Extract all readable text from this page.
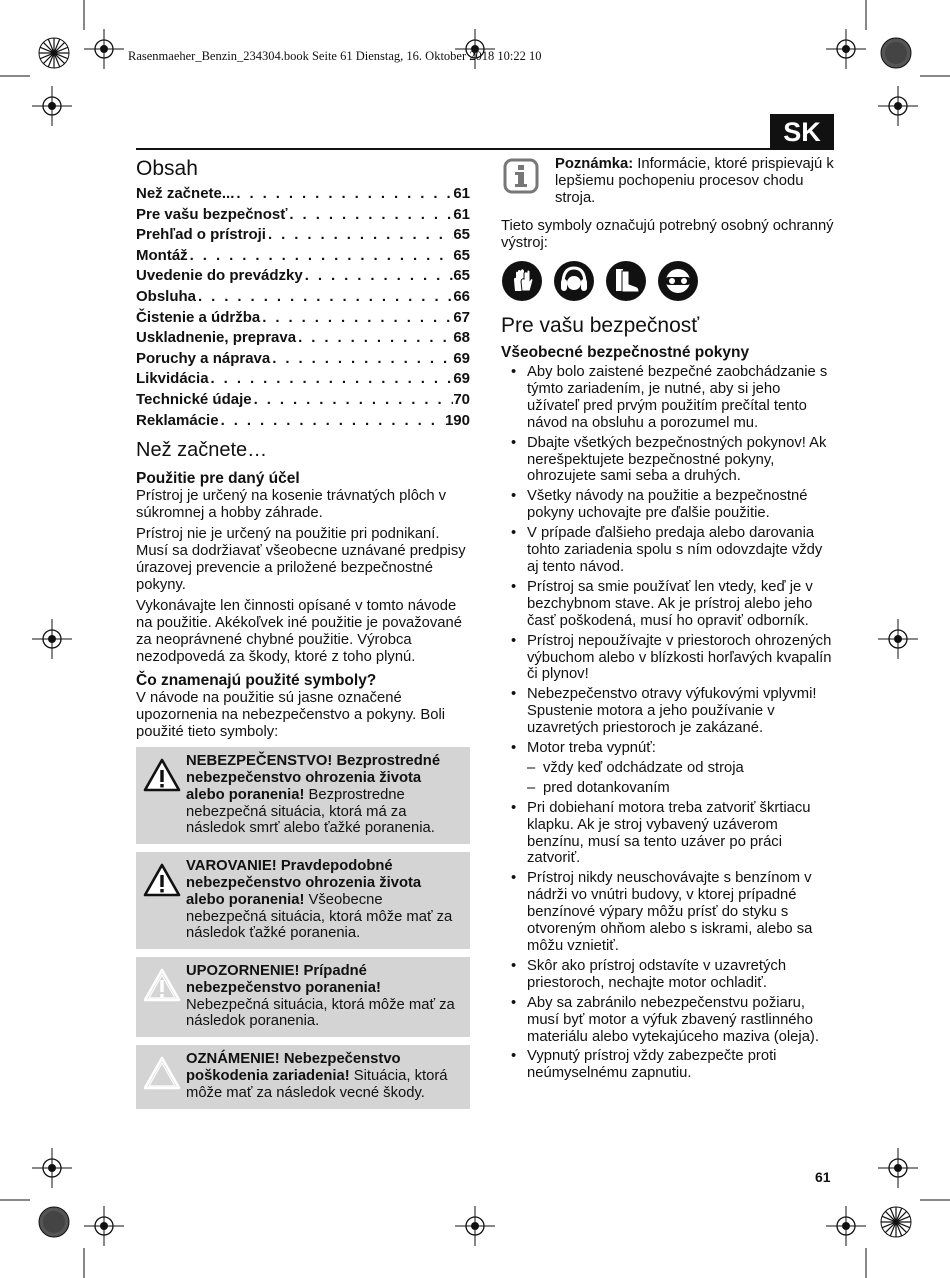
Rasenmaeher_Benzin_234304.book Seite 61 Dienstag, 16. Oktober 2018 10:22 10
SK
Obsah
Než začnete... . . .	61
Pre vašu bezpečnosť . . .	61
Prehľad o prístroji . . .	65
Montáž . . .	65
Uvedenie do prevádzky . . .	65
Obsluha . . .	66
Čistenie a údržba . . .	67
Uskladnenie, preprava . . .	68
Poruchy a náprava . . .	69
Likvidácia . . .	69
Technické údaje . . .	70
Reklamácie . . .	190
Než začnete…
Použitie pre daný účel

Prístroj je určený na kosenie trávnatých plôch v súkromnej a hobby záhrade.

Prístroj nie je určený na použitie pri podnikaní. Musí sa dodržiavať všeobecne uznávané predpisy úrazovej prevencie a priložené bezpečnostné pokyny.

Vykonávajte len činnosti opísané v tomto návode na použitie. Akékoľvek iné použitie je považované za neoprávnené chybné použitie. Výrobca nezodpovedá za škody, ktoré z toho plynú.

Čo znamenajú použité symboly?

V návode na použitie sú jasne označené upozornenia na nebezpečenstvo a pokyny. Boli použité tieto symboly:

NEBEZPEČENSTVO! Bezprostredné nebezpečenstvo ohrozenia života alebo poranenia! Bezprostredne nebezpečná situácia, ktorá má za následok smrť alebo ťažké poranenia.
VAROVANIE! Pravdepodobné nebezpečenstvo ohrozenia života alebo poranenia! Všeobecne nebezpečná situácia, ktorá môže mať za následok ťažké poranenia.
UPOZORNENIE! Prípadné nebezpečenstvo poranenia! Nebezpečná situácia, ktorá môže mať za následok poranenia.
OZNÁMENIE! Nebezpečenstvo poškodenia zariadenia! Situácia, ktorá môže mať za následok vecné škody.

Poznámka: Informácie, ktoré prispievajú k lepšiemu pochopeniu procesov chodu stroja.

Tieto symboly označujú potrebný osobný ochranný výstroj:

Pre vašu bezpečnosť
Všeobecné bezpečnostné pokyny
• Aby bolo zaistené bezpečné zaobchádzanie s týmto zariadením, je nutné, aby si jeho užívateľ pred prvým použitím prečítal tento návod na obsluhu a porozumel mu.
• Dbajte všetkých bezpečnostných pokynov! Ak nerešpektujete bezpečnostné pokyny, ohrozujete sami seba a druhých.
• Všetky návody na použitie a bezpečnostné pokyny uchovajte pre ďalšie použitie.
• V prípade ďalšieho predaja alebo darovania tohto zariadenia spolu s ním odovzdajte vždy aj tento návod.
• Prístroj sa smie používať len vtedy, keď je v bezchybnom stave. Ak je prístroj alebo jeho časť poškodená, musí ho opraviť odborník.
• Prístroj nepoužívajte v priestoroch ohrozených výbuchom alebo v blízkosti horľavých kvapalín či plynov!
• Nebezpečenstvo otravy výfukovými vplyvmi! Spustenie motora a jeho používanie v uzavretých priestoroch je zakázané.
• Motor treba vypnúť:
– vždy keď odchádzate od stroja
– pred dotankovaním
• Pri dobiehaní motora treba zatvoriť škrtiacu klapku. Ak je stroj vybavený uzáverom benzínu, musí sa tento uzáver po práci zatvoriť.
• Prístroj nikdy neuschovávajte s benzínom v nádrži vo vnútri budovy, v ktorej prípadné benzínové výpary môžu prísť do styku s otvoreným ohňom alebo s iskrami, alebo sa môžu vznietiť.
• Skôr ako prístroj odstavíte v uzavretých priestoroch, nechajte motor ochladiť.
• Aby sa zabránilo nebezpečenstvu požiaru, musí byť motor a výfuk zbavený rastlinného materiálu alebo vytekajúceho maziva (oleja).
• Vypnutý prístroj vždy zabezpečte proti neúmyselnému zapnutiu.
61
